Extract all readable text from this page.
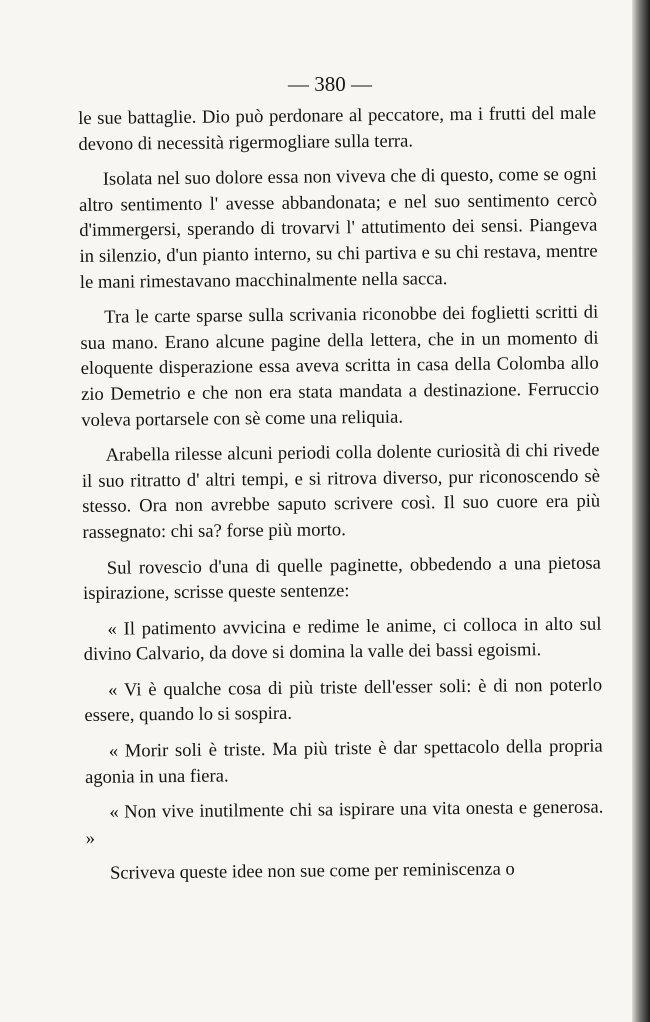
— 380 —

le sue battaglie. Dio può perdonare al peccatore, ma i frutti del male devono di necessità rigermogliare sulla terra.

Isolata nel suo dolore essa non viveva che di questo, come se ogni altro sentimento l' avesse abbandonata; e nel suo sentimento cercò d'immergersi, sperando di trovarvi l' attutimento dei sensi. Piangeva in silenzio, d'un pianto interno, su chi partiva e su chi restava, mentre le mani rimestavano macchinalmente nella sacca.

Tra le carte sparse sulla scrivania riconobbe dei foglietti scritti di sua mano. Erano alcune pagine della lettera, che in un momento di eloquente disperazione essa aveva scritta in casa della Colomba allo zio Demetrio e che non era stata mandata a destinazione. Ferruccio voleva portarsele con sè come una reliquia.

Arabella rilesse alcuni periodi colla dolente curiosità di chi rivede il suo ritratto d' altri tempi, e si ritrova diverso, pur riconoscendo sè stesso. Ora non avrebbe saputo scrivere così. Il suo cuore era più rassegnato: chi sa? forse più morto.

Sul rovescio d'una di quelle paginette, obbedendo a una pietosa ispirazione, scrisse queste sentenze:

« Il patimento avvicina e redime le anime, ci colloca in alto sul divino Calvario, da dove si domina la valle dei bassi egoismi.

« Vi è qualche cosa di più triste dell'esser soli: è di non poterlo essere, quando lo si sospira.

« Morir soli è triste. Ma più triste è dar spettacolo della propria agonia in una fiera.

« Non vive inutilmente chi sa ispirare una vita onesta e generosa. »

Scriveva queste idee non sue come per reminiscenza o
